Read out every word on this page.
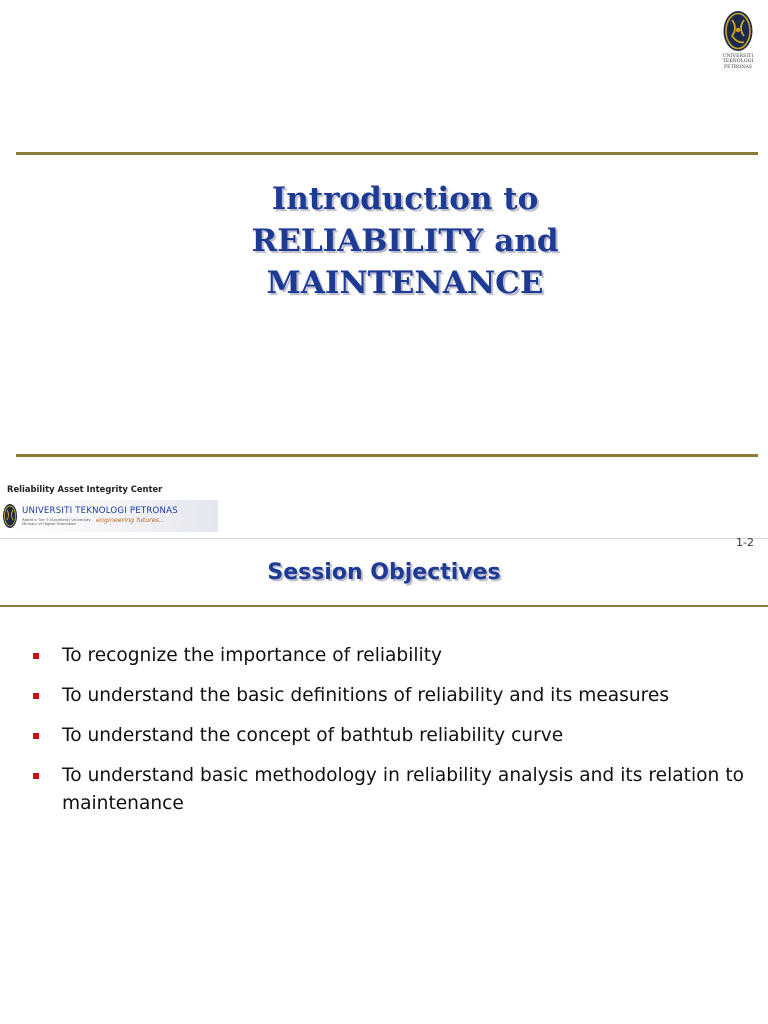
UNIVERSITI
TEKNOLOGI
PETRONAS
Introduction to
RELIABILITY and
MAINTENANCE
Reliability Asset Integrity Center
UNIVERSITI TEKNOLOGI PETRONAS
Rated a Tier 5 (Excellent) University
Ministry of Higher Education	engineering futures...
1-2
Session Objectives
To recognize the importance of reliability
To understand the basic definitions of reliability and its measures
To understand the concept of bathtub reliability curve
To understand basic methodology in reliability analysis and its relation to maintenance
